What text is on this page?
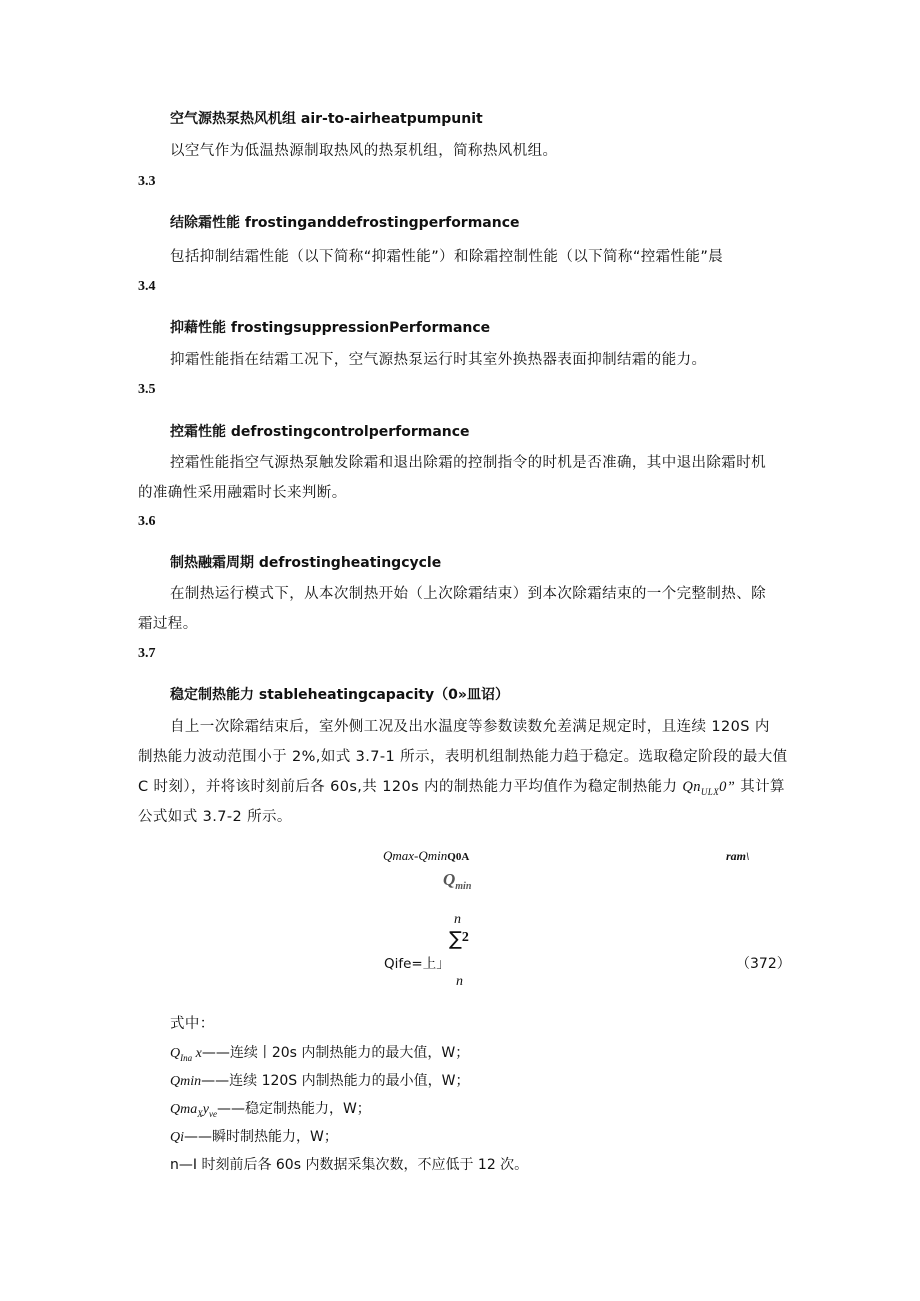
空气源热泵热风机组 air-to-airheatpumpunit
以空气作为低温热源制取热风的热泵机组，简称热风机组。
3.3
结除霜性能 frostinganddefrostingperformance
包括抑制结霜性能（以下简称“抑霜性能”）和除霜控制性能（以下简称“控霜性能”晨
3.4
抑藉性能 frostingsuppressionPerformance
抑霜性能指在结霜工况下，空气源热泵运行时其室外换热器表面抑制结霜的能力。
3.5
控霜性能 defrostingcontrolperformance
控霜性能指空气源热泵触发除霜和退出除霜的控制指令的时机是否准确，其中退出除霜时机
的准确性采用融霜时长来判断。
3.6
制热融霜周期 defrostingheatingcycle
在制热运行模式下，从本次制热开始（上次除霜结束）到本次除霜结束的一个完整制热、除
霜过程。
3.7
稳定制热能力 stableheatingcapacity（0»皿诏）
自上一次除霜结束后，室外侧工况及出水温度等参数读数允差满足规定时，且连续 120S 内
制热能力波动范围小于 2%,如式 3.7-1 所示，表明机组制热能力趋于稳定。选取稳定阶段的最大值
C 时刻），并将该时刻前后各 60s,共 120s 内的制热能力平均值作为稳定制热能力 $Qn_{ULX}0$” 其计算
公式如式 3.7-2 所示。
Qmax-QminQ0A	ram\
$Q_{min}$
n
∑$^2$
Qife=上」	（372）
n
式中：
$Q_{Ina}$ x——连续丨20s 内制热能力的最大值，W；
Qmin——连续 120S 内制热能力的最小值，W；
$Qma_Xy_{ve}——$稳定制热能力，W；
Qi——瞬时制热能力，W；
n—I 时刻前后各 60s 内数据采集次数，不应低于 12 次。
